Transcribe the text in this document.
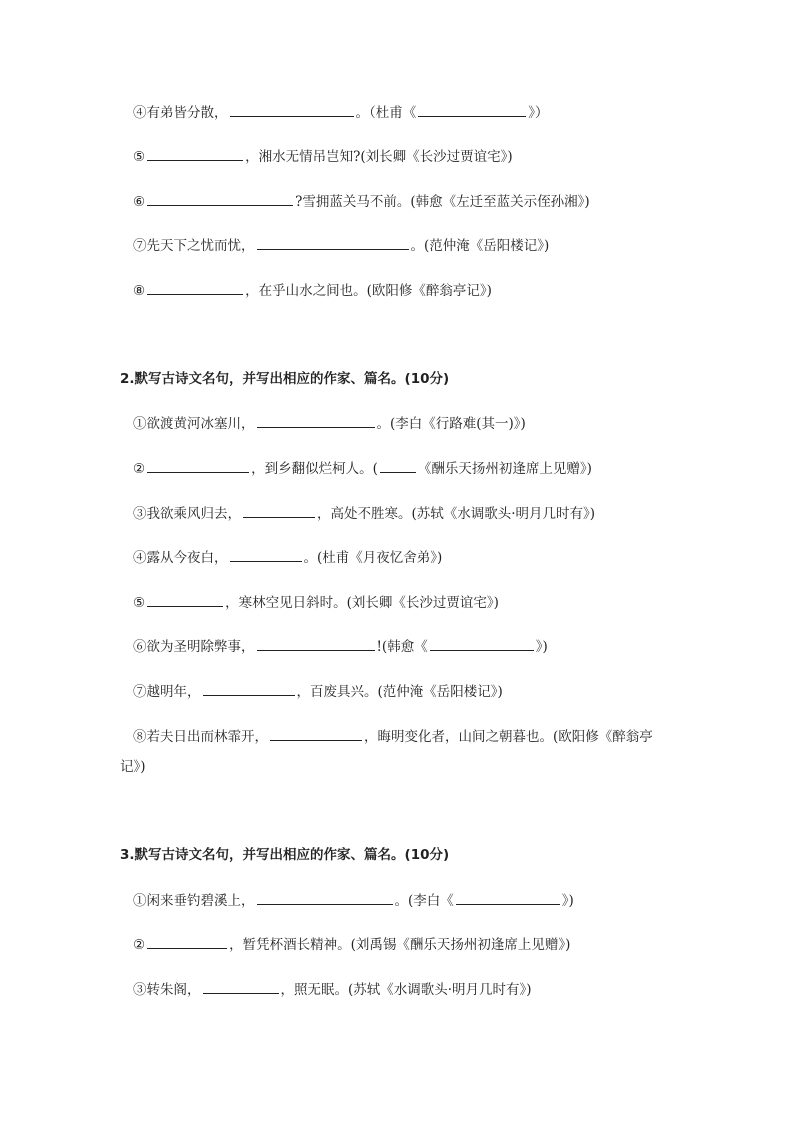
④有弟皆分散，	。（杜甫《	》）
⑤	，湘水无情吊岂知?(刘长卿《长沙过贾谊宅》)
⑥	?雪拥蓝关马不前。(韩愈《左迁至蓝关示侄孙湘》)
⑦先天下之忧而忧，	。(范仲淹《岳阳楼记》)
⑧	，在乎山水之间也。(欧阳修《醉翁亭记》)
2.默写古诗文名句，并写出相应的作家、篇名。(10分)
①欲渡黄河冰塞川，	。(李白《行路难(其一)》)
②	，到乡翻似烂柯人。(	《酬乐天扬州初逢席上见赠》)
③我欲乘风归去，	，高处不胜寒。(苏轼《水调歌头·明月几时有》)
④露从今夜白，	。(杜甫《月夜忆舍弟》)
⑤	，寒林空见日斜时。(刘长卿《长沙过贾谊宅》)
⑥欲为圣明除弊事，	!(韩愈《	》)
⑦越明年，	，百废具兴。(范仲淹《岳阳楼记》)
⑧若夫日出而林霏开，	，晦明变化者，山间之朝暮也。(欧阳修《醉翁亭
记》)
3.默写古诗文名句，并写出相应的作家、篇名。(10分)
①闲来垂钓碧溪上，	。(李白《	》)
②	，暂凭杯酒长精神。(刘禹锡《酬乐天扬州初逢席上见赠》)
③转朱阁，	，照无眠。(苏轼《水调歌头·明月几时有》)
